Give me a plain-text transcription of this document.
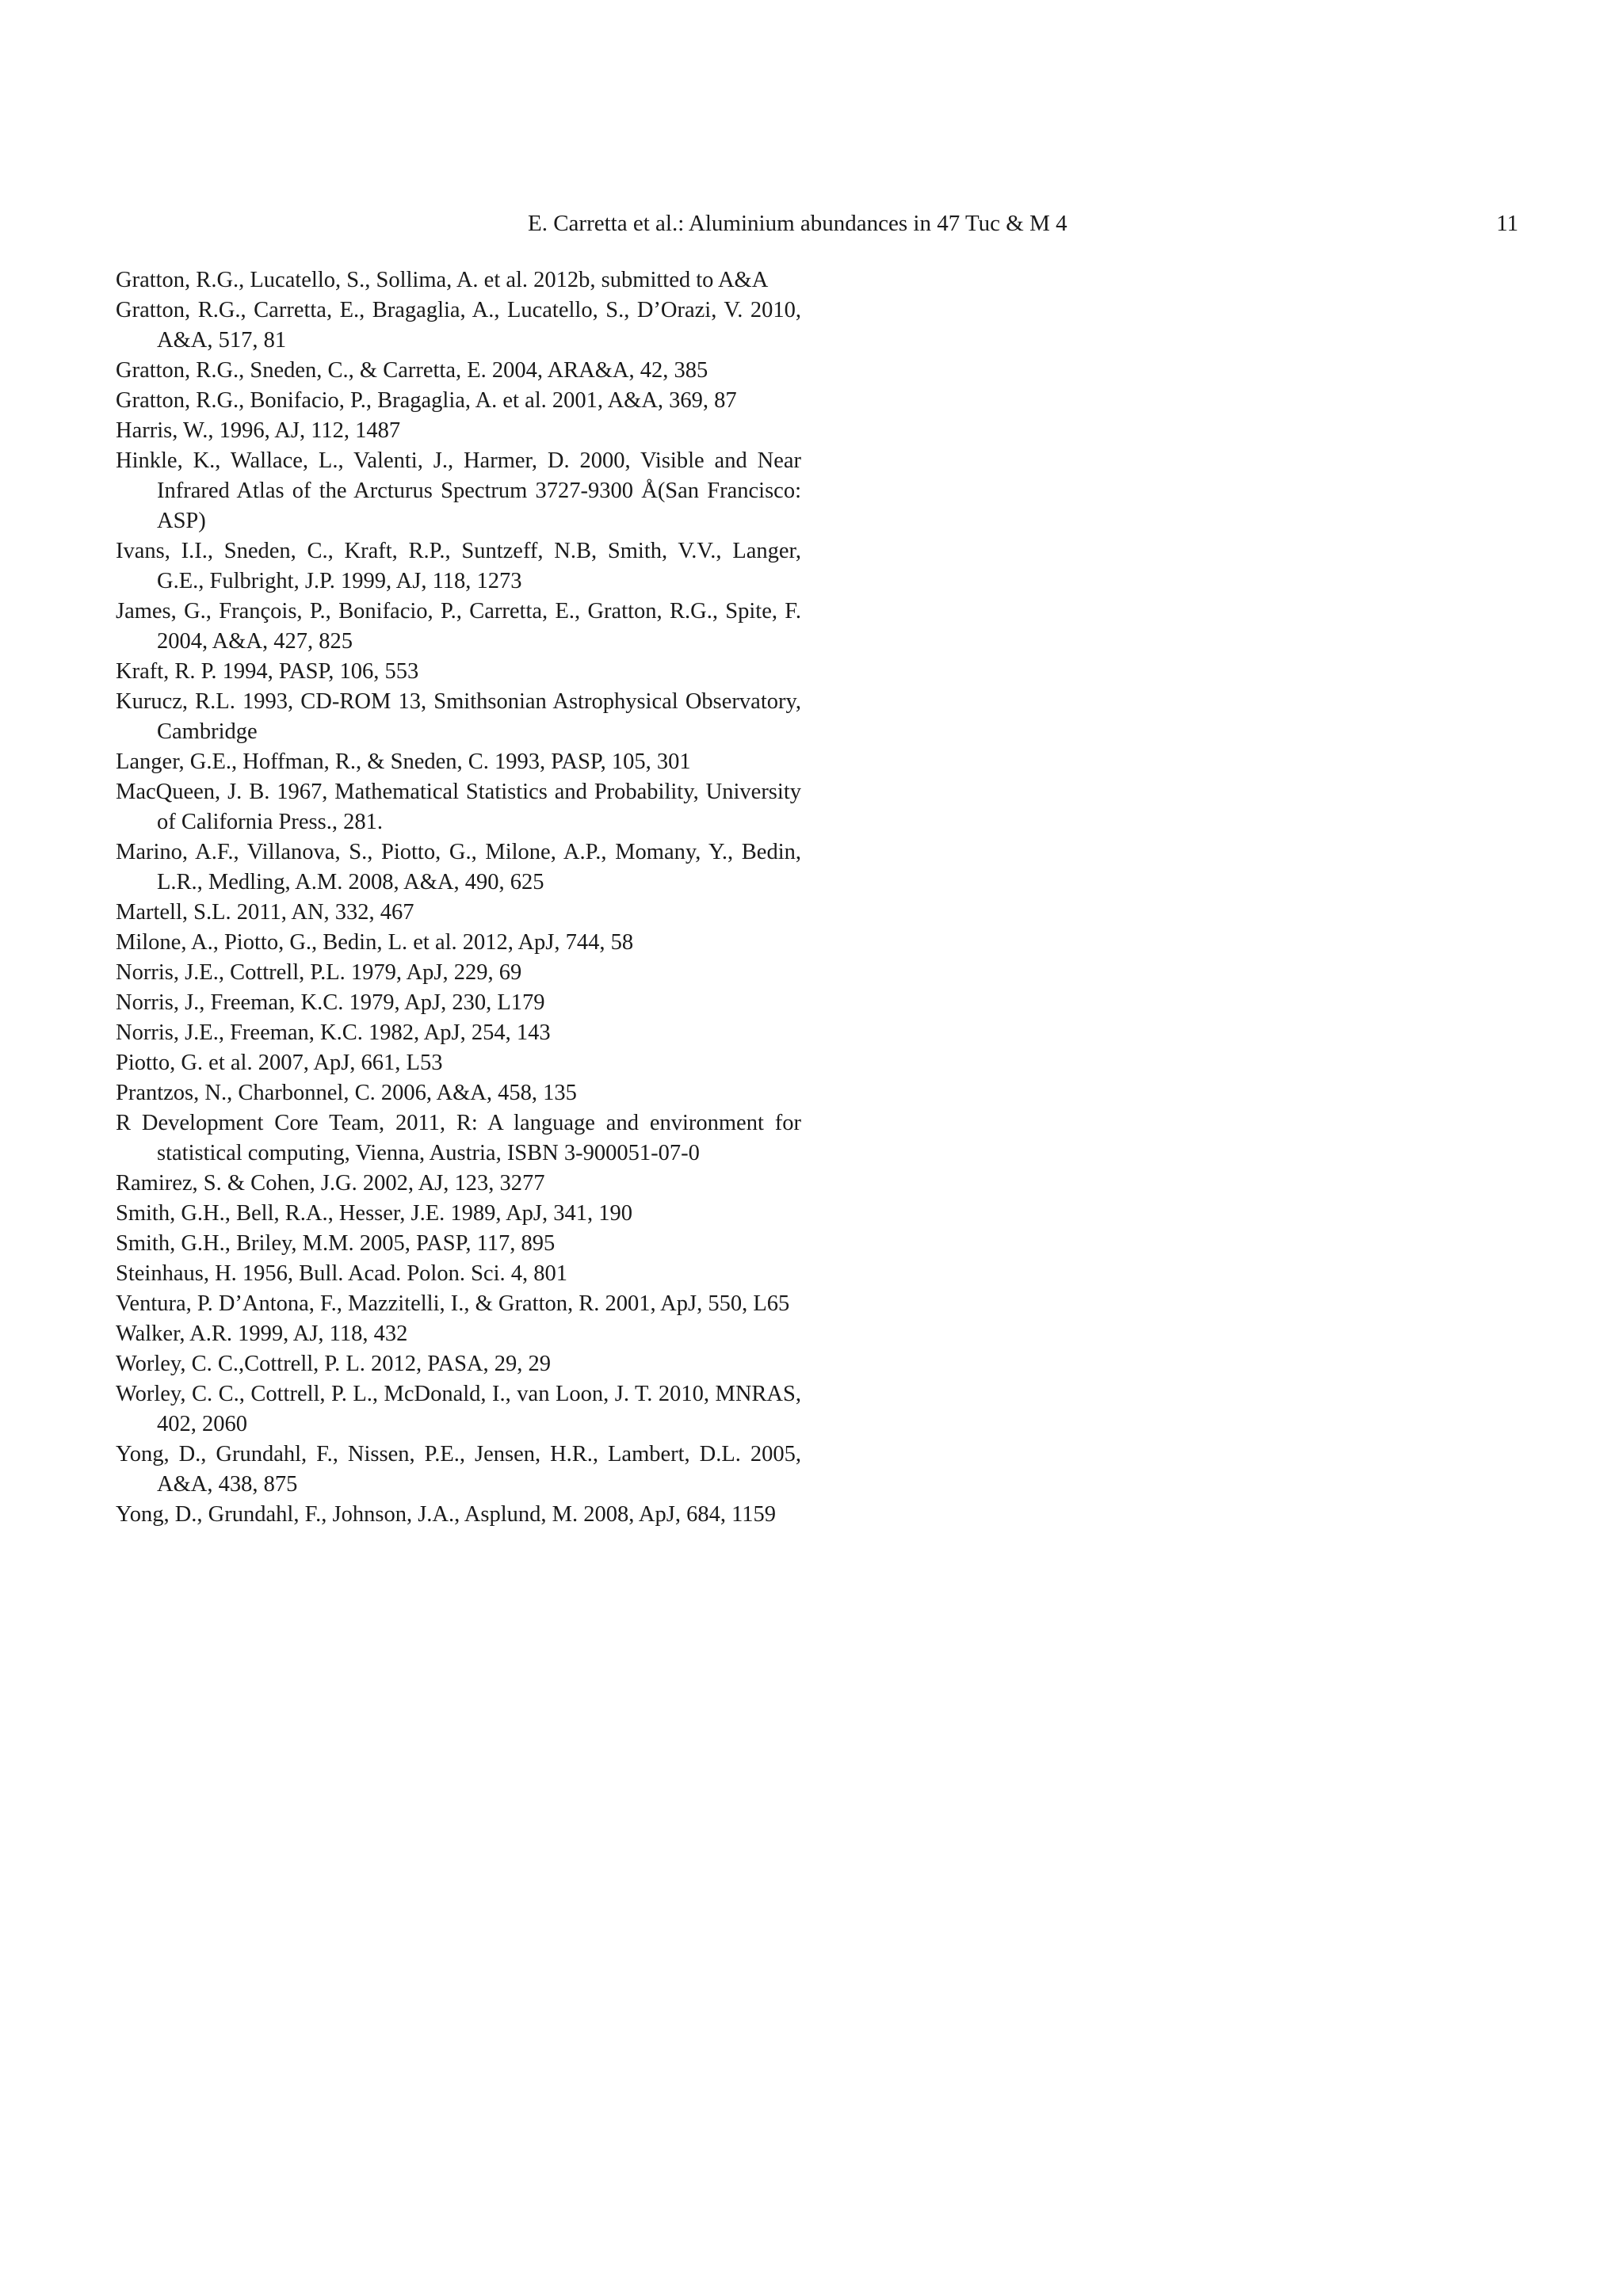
E. Carretta et al.: Aluminium abundances in 47 Tuc & M 4	11
Gratton, R.G., Lucatello, S., Sollima, A. et al. 2012b, submitted to A&A
Gratton, R.G., Carretta, E., Bragaglia, A., Lucatello, S., D’Orazi, V. 2010, A&A, 517, 81
Gratton, R.G., Sneden, C., & Carretta, E. 2004, ARA&A, 42, 385
Gratton, R.G., Bonifacio, P., Bragaglia, A. et al. 2001, A&A, 369, 87
Harris, W., 1996, AJ, 112, 1487
Hinkle, K., Wallace, L., Valenti, J., Harmer, D. 2000, Visible and Near Infrared Atlas of the Arcturus Spectrum 3727-9300 Å(San Francisco: ASP)
Ivans, I.I., Sneden, C., Kraft, R.P., Suntzeff, N.B, Smith, V.V., Langer, G.E., Fulbright, J.P. 1999, AJ, 118, 1273
James, G., François, P., Bonifacio, P., Carretta, E., Gratton, R.G., Spite, F. 2004, A&A, 427, 825
Kraft, R. P. 1994, PASP, 106, 553
Kurucz, R.L. 1993, CD-ROM 13, Smithsonian Astrophysical Observatory, Cambridge
Langer, G.E., Hoffman, R., & Sneden, C. 1993, PASP, 105, 301
MacQueen, J. B. 1967, Mathematical Statistics and Probability, University of California Press., 281.
Marino, A.F., Villanova, S., Piotto, G., Milone, A.P., Momany, Y., Bedin, L.R., Medling, A.M. 2008, A&A, 490, 625
Martell, S.L. 2011, AN, 332, 467
Milone, A., Piotto, G., Bedin, L. et al. 2012, ApJ, 744, 58
Norris, J.E., Cottrell, P.L. 1979, ApJ, 229, 69
Norris, J., Freeman, K.C. 1979, ApJ, 230, L179
Norris, J.E., Freeman, K.C. 1982, ApJ, 254, 143
Piotto, G. et al. 2007, ApJ, 661, L53
Prantzos, N., Charbonnel, C. 2006, A&A, 458, 135
R Development Core Team, 2011, R: A language and environment for statistical computing, Vienna, Austria, ISBN 3-900051-07-0
Ramirez, S. & Cohen, J.G. 2002, AJ, 123, 3277
Smith, G.H., Bell, R.A., Hesser, J.E. 1989, ApJ, 341, 190
Smith, G.H., Briley, M.M. 2005, PASP, 117, 895
Steinhaus, H. 1956, Bull. Acad. Polon. Sci. 4, 801
Ventura, P. D’Antona, F., Mazzitelli, I., & Gratton, R. 2001, ApJ, 550, L65
Walker, A.R. 1999, AJ, 118, 432
Worley, C. C.,Cottrell, P. L. 2012, PASA, 29, 29
Worley, C. C., Cottrell, P. L., McDonald, I., van Loon, J. T. 2010, MNRAS, 402, 2060
Yong, D., Grundahl, F., Nissen, P.E., Jensen, H.R., Lambert, D.L. 2005, A&A, 438, 875
Yong, D., Grundahl, F., Johnson, J.A., Asplund, M. 2008, ApJ, 684, 1159
